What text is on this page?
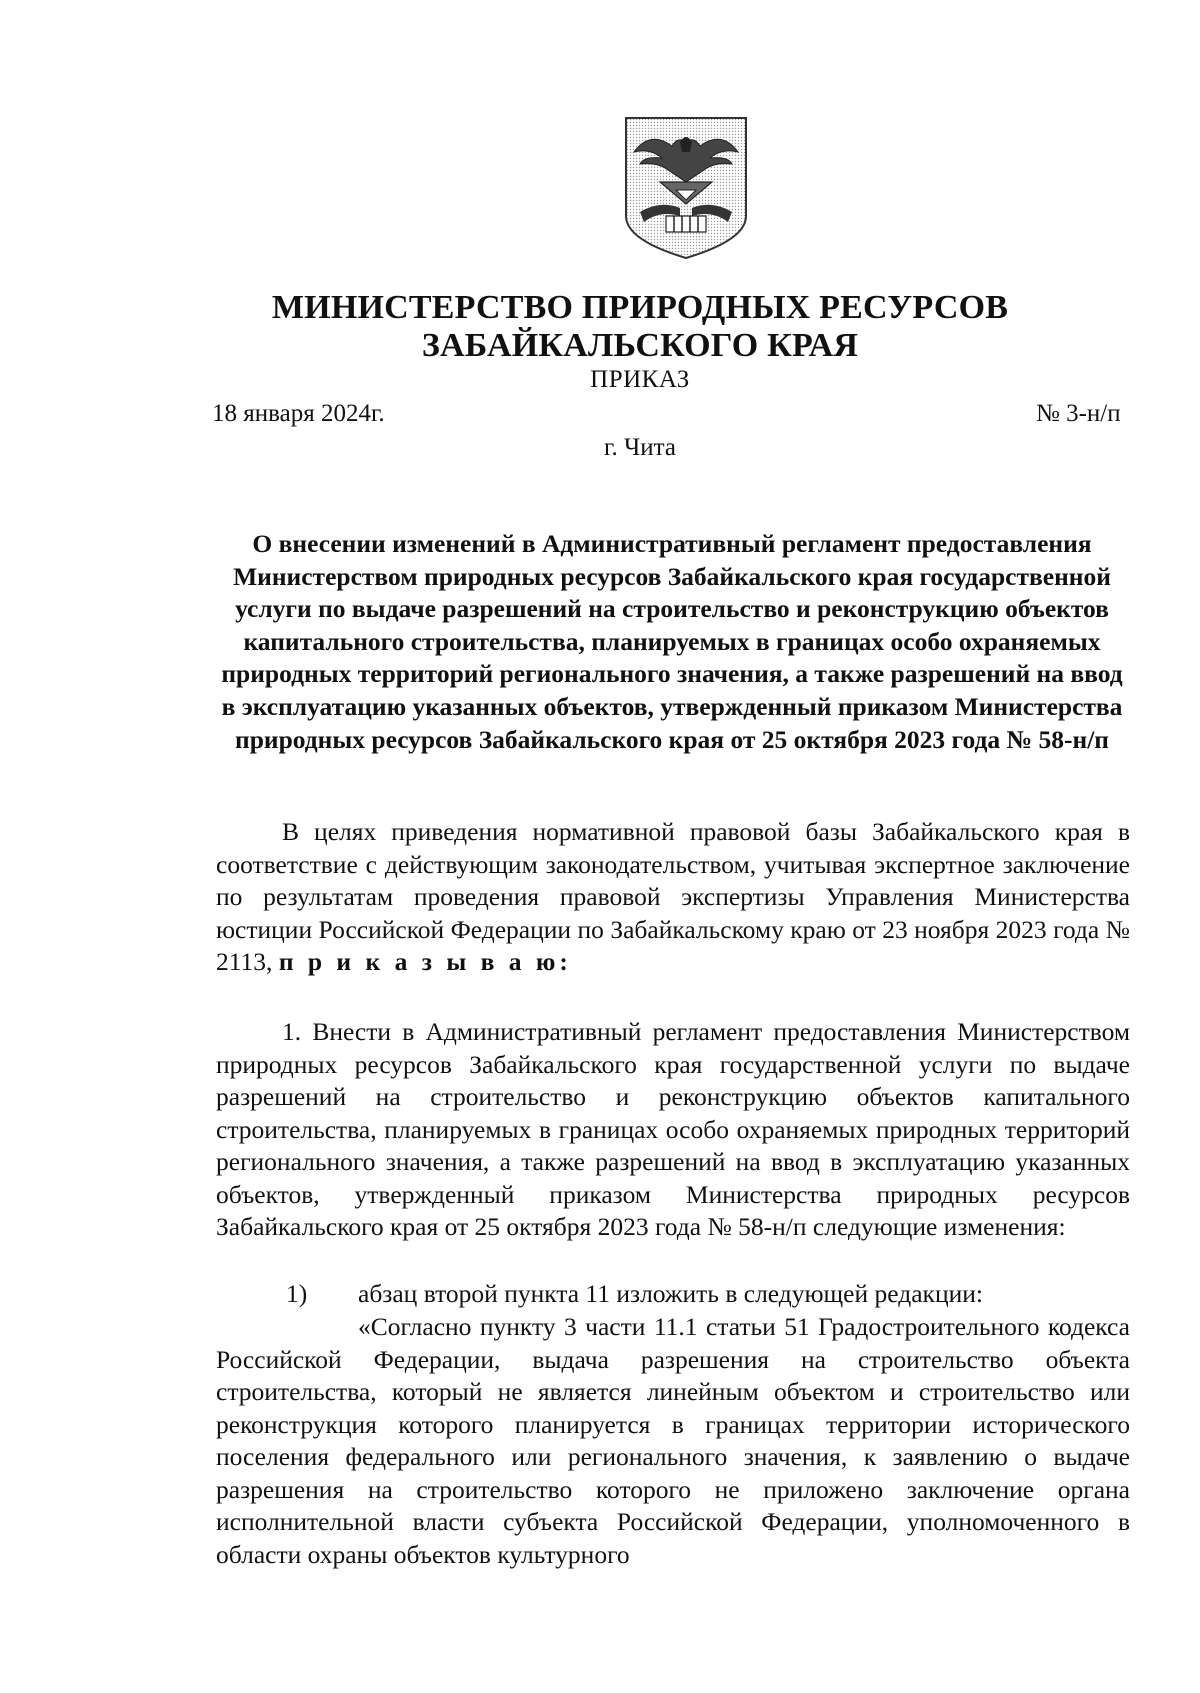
МИНИСТЕРСТВО ПРИРОДНЫХ РЕСУРСОВ
ЗАБАЙКАЛЬСКОГО КРАЯ
ПРИКАЗ
18 января 2024г.	№ 3-н/п
г. Чита
О внесении изменений в Административный регламент предоставления Министерством природных ресурсов Забайкальского края государственной услуги по выдаче разрешений на строительство и реконструкцию объектов капитального строительства, планируемых в границах особо охраняемых природных территорий регионального значения, а также разрешений на ввод в эксплуатацию указанных объектов, утвержденный приказом Министерства природных ресурсов Забайкальского края от 25 октября 2023 года № 58-н/п
В целях приведения нормативной правовой базы Забайкальского края в соответствие с действующим законодательством, учитывая экспертное заключение по результатам проведения правовой экспертизы Управления Министерства юстиции Российской Федерации по Забайкальскому краю от 23 ноября 2023 года № 2113, п р и к а з ы в а ю:
1. Внести в Административный регламент предоставления Министерством природных ресурсов Забайкальского края государственной услуги по выдаче разрешений на строительство и реконструкцию объектов капитального строительства, планируемых в границах особо охраняемых природных территорий регионального значения, а также разрешений на ввод в эксплуатацию указанных объектов, утвержденный приказом Министерства природных ресурсов Забайкальского края от 25 октября 2023 года № 58-н/п следующие изменения:
1) абзац второй пункта 11 изложить в следующей редакции:
«Согласно пункту 3 части 11.1 статьи 51 Градостроительного кодекса Российской Федерации, выдача разрешения на строительство объекта строительства, который не является линейным объектом и строительство или реконструкция которого планируется в границах территории исторического поселения федерального или регионального значения, к заявлению о выдаче разрешения на строительство которого не приложено заключение органа исполнительной власти субъекта Российской Федерации, уполномоченного в области охраны объектов культурного
